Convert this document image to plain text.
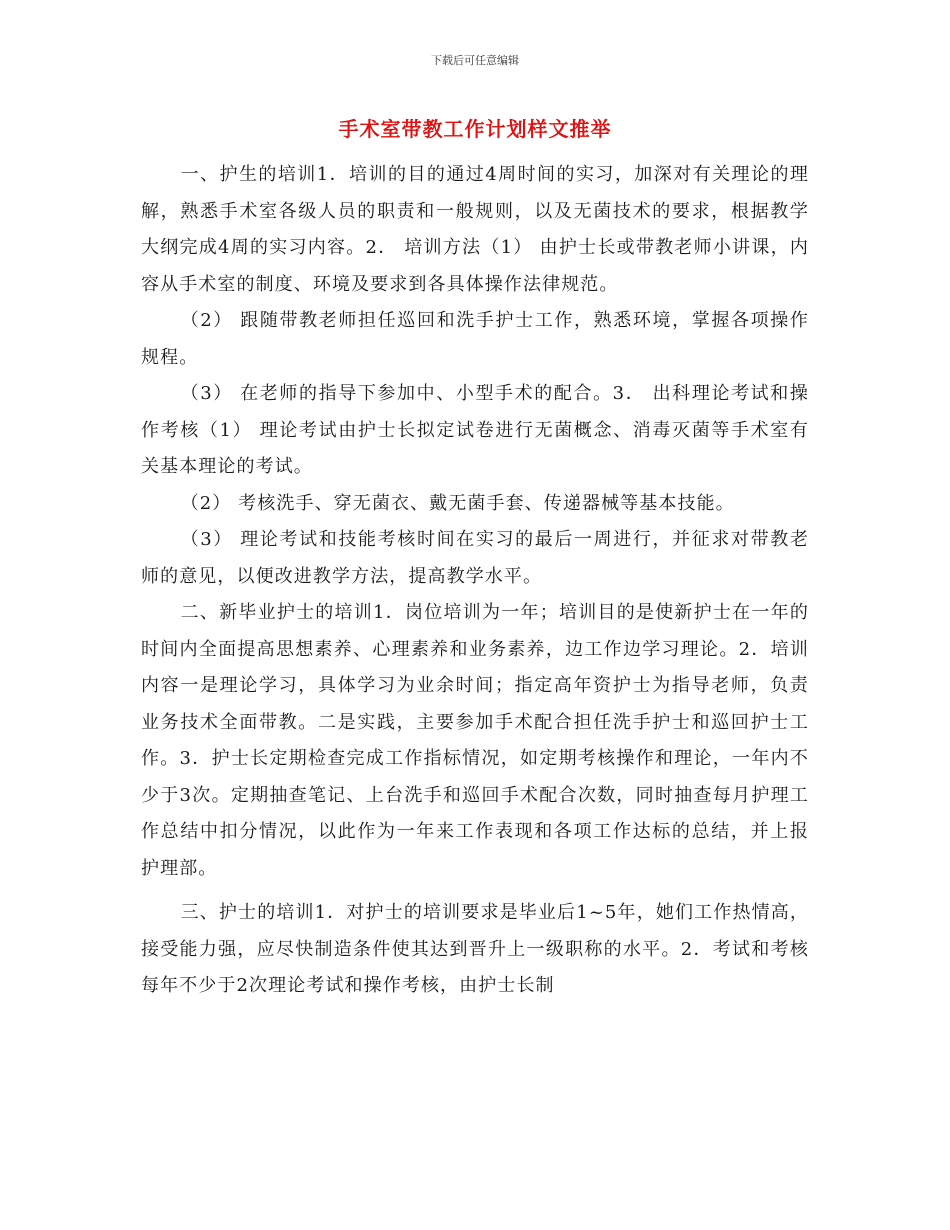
下载后可任意编辑
手术室带教工作计划样文推举

一、护生的培训1．培训的目的通过4周时间的实习，加深对有关理论的理解，熟悉手术室各级人员的职责和一般规则，以及无菌技术的要求，根据教学大纲完成4周的实习内容。2． 培训方法（1） 由护士长或带教老师小讲课，内容从手术室的制度、环境及要求到各具体操作法律规范。

（2） 跟随带教老师担任巡回和洗手护士工作，熟悉环境，掌握各项操作规程。

（3） 在老师的指导下参加中、小型手术的配合。3． 出科理论考试和操作考核（1） 理论考试由护士长拟定试卷进行无菌概念、消毒灭菌等手术室有关基本理论的考试。

（2） 考核洗手、穿无菌衣、戴无菌手套、传递器械等基本技能。

（3） 理论考试和技能考核时间在实习的最后一周进行，并征求对带教老师的意见，以便改进教学方法，提高教学水平。

二、新毕业护士的培训1．岗位培训为一年；培训目的是使新护士在一年的时间内全面提高思想素养、心理素养和业务素养，边工作边学习理论。2．培训内容一是理论学习，具体学习为业余时间；指定高年资护士为指导老师，负责业务技术全面带教。二是实践，主要参加手术配合担任洗手护士和巡回护士工作。3．护士长定期检查完成工作指标情况，如定期考核操作和理论，一年内不少于3次。定期抽查笔记、上台洗手和巡回手术配合次数，同时抽查每月护理工作总结中扣分情况，以此作为一年来工作表现和各项工作达标的总结，并上报护理部。

三、护士的培训1．对护士的培训要求是毕业后1~5年，她们工作热情高，接受能力强，应尽快制造条件使其达到晋升上一级职称的水平。2．考试和考核每年不少于2次理论考试和操作考核，由护士长制
